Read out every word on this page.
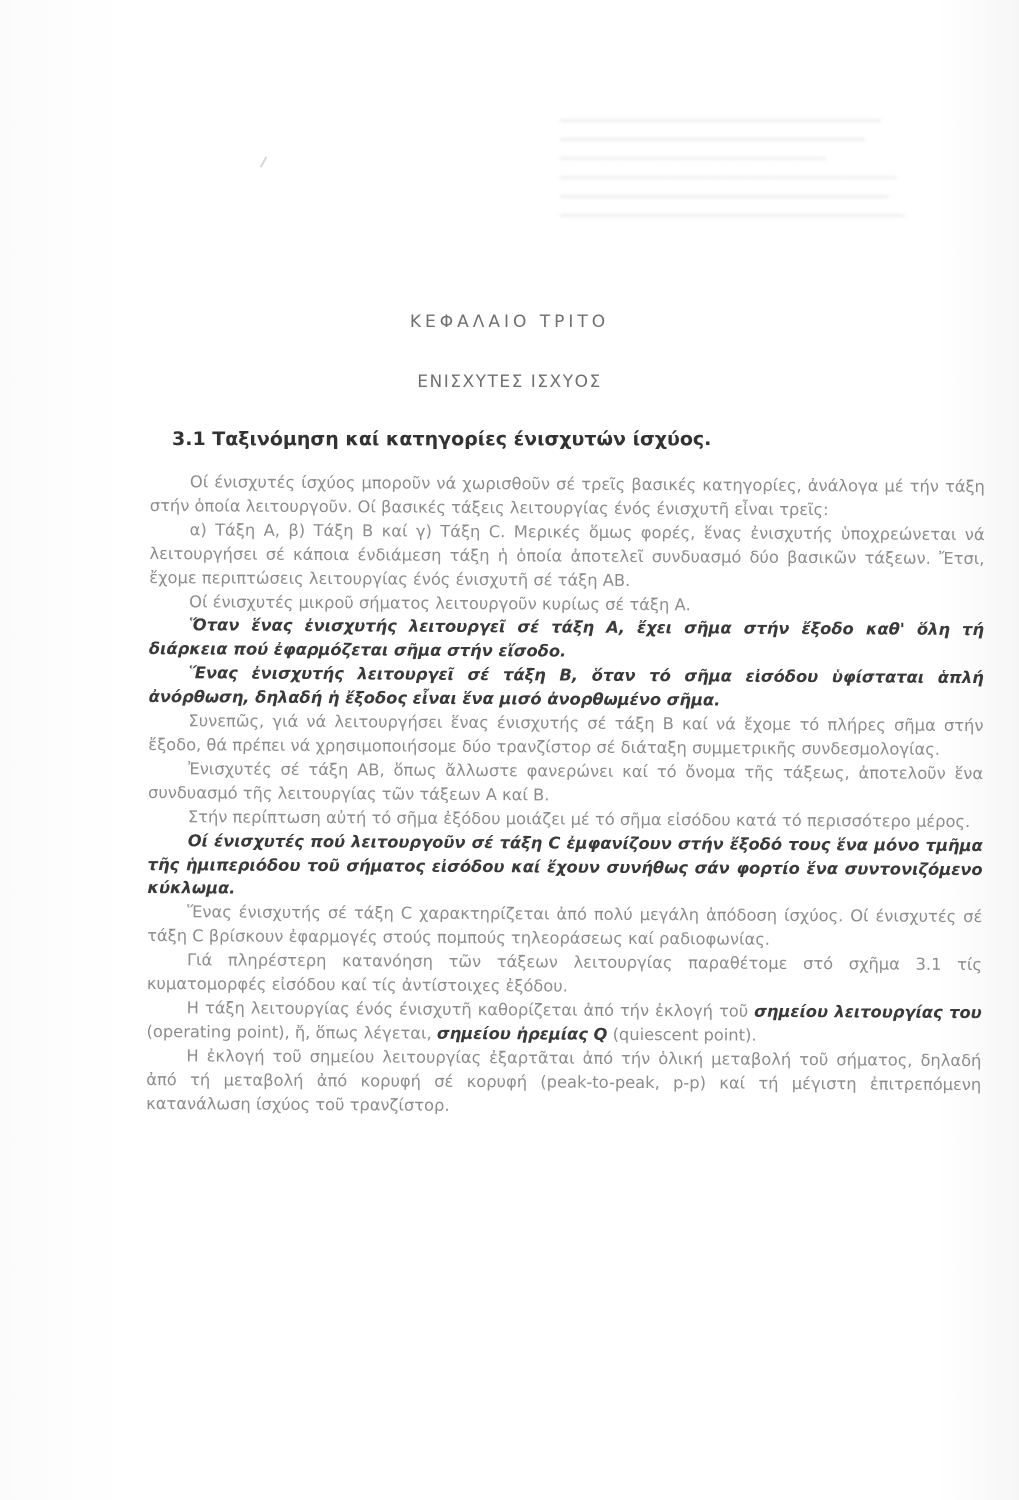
━━━━━━━━━━━━━━━━━━━━━━━━━━━━━━━━━━━━━━━━━
━━━━━━━━━━━━━━━━━━━━━━━━━━━━━━━━━━━━━━━
━━━━━━━━━━━━━━━━━━━━━━━━━━━━━━━━━━
━━━━━━━━━━━━━━━━━━━━━━━━━━━━━━━━━━━━━━━━━━━
━━━━━━━━━━━━━━━━━━━━━━━━━━━━━━━━━━━━━━━━━━
━━━━━━━━━━━━━━━━━━━━━━━━━━━━━━━━━━━━━━━━━━━━
ΚΕΦΑΛΑΙΟ ΤΡΙΤΟ
ΕΝΙΣΧΥΤΕΣ ΙΣΧΥΟΣ
3.1 Ταξινόμηση καί κατηγορίες ένισχυτών ίσχύος.

Οί ένισχυτές ίσχύος μποροῦν νά χωρισθοῦν σέ τρεῖς βασικές κατηγορίες, ἀνάλογα μέ τήν τάξη στήν ὁποία λειτουργοῦν. Οί βασικές τάξεις λειτουργίας ένός ένισχυτῆ εἶναι τρεῖς:

α) Τάξη Α, β) Τάξη Β καί γ) Τάξη C. Μερικές ὅμως φορές, ἕνας ἐνισχυτής ὑποχρεώνεται νά λειτουργήσει σέ κάποια ένδιάμεση τάξη ἡ ὁποία ἀποτελεῖ συνδυασμό δύο βασικῶν τάξεων. Ἔτσι, ἔχομε περιπτώσεις λειτουργίας ένός ένισχυτῆ σέ τάξη ΑΒ.

Οί ένισχυτές μικροῦ σήματος λειτουργοῦν κυρίως σέ τάξη Α.

Ὅταν ἕνας ἐνισχυτής λειτουργεῖ σέ τάξη Α, ἔχει σῆμα στήν ἔξοδο καθ' ὅλη τή διάρκεια πού ἐφαρμόζεται σῆμα στήν εἴσοδο.

Ἕνας ἐνισχυτής λειτουργεῖ σέ τάξη Β, ὅταν τό σῆμα εἰσόδου ὑφίσταται ἁπλή ἀνόρθωση, δηλαδή ἡ ἔξοδος εἶναι ἕνα μισό ἀνορθωμένο σῆμα.

Συνεπῶς, γιά νά λειτουργήσει ἕνας ένισχυτής σέ τάξη Β καί νά ἔχομε τό πλήρες σῆμα στήν ἔξοδο, θά πρέπει νά χρησιμοποιήσομε δύο τρανζίστορ σέ διάταξη συμμετρικῆς συνδεσμολογίας.

Ἐνισχυτές σέ τάξη ΑΒ, ὅπως ἄλλωστε φανερώνει καί τό ὄνομα τῆς τάξεως, ἀποτελοῦν ἕνα συνδυασμό τῆς λειτουργίας τῶν τάξεων Α καί Β.

Στήν περίπτωση αὐτή τό σῆμα ἐξόδου μοιάζει μέ τό σῆμα εἰσόδου κατά τό περισσότερο μέρος.

Οί ένισχυτές πού λειτουργοῦν σέ τάξη C ἐμφανίζουν στήν ἔξοδό τους ἕνα μόνο τμῆμα τῆς ἡμιπεριόδου τοῦ σήματος εἰσόδου καί ἔχουν συνήθως σάν φορτίο ἕνα συντονιζόμενο κύκλωμα.

Ἕνας ένισχυτής σέ τάξη C χαρακτηρίζεται ἀπό πολύ μεγάλη ἀπόδοση ίσχύος. Οί ένισχυτές σέ τάξη C βρίσκουν ἐφαρμογές στούς πομπούς τηλεοράσεως καί ραδιοφωνίας.

Γιά πληρέστερη κατανόηση τῶν τάξεων λειτουργίας παραθέτομε στό σχῆμα 3.1 τίς κυματομορφές εἰσόδου καί τίς ἀντίστοιχες ἐξόδου.

Η τάξη λειτουργίας ένός ένισχυτῆ καθορίζεται ἀπό τήν ἐκλογή τοῦ σημείου λειτουργίας του (operating point), ἤ, ὅπως λέγεται, σημείου ἠρεμίας Q (quiescent point).

Η ἐκλογή τοῦ σημείου λειτουργίας ἐξαρτᾶται ἀπό τήν ὁλική μεταβολή τοῦ σήματος, δηλαδή ἀπό τή μεταβολή ἀπό κορυφή σέ κορυφή (peak-to-peak, p-p) καί τή μέγιστη ἐπιτρεπόμενη κατανάλωση ίσχύος τοῦ τρανζίστορ.
